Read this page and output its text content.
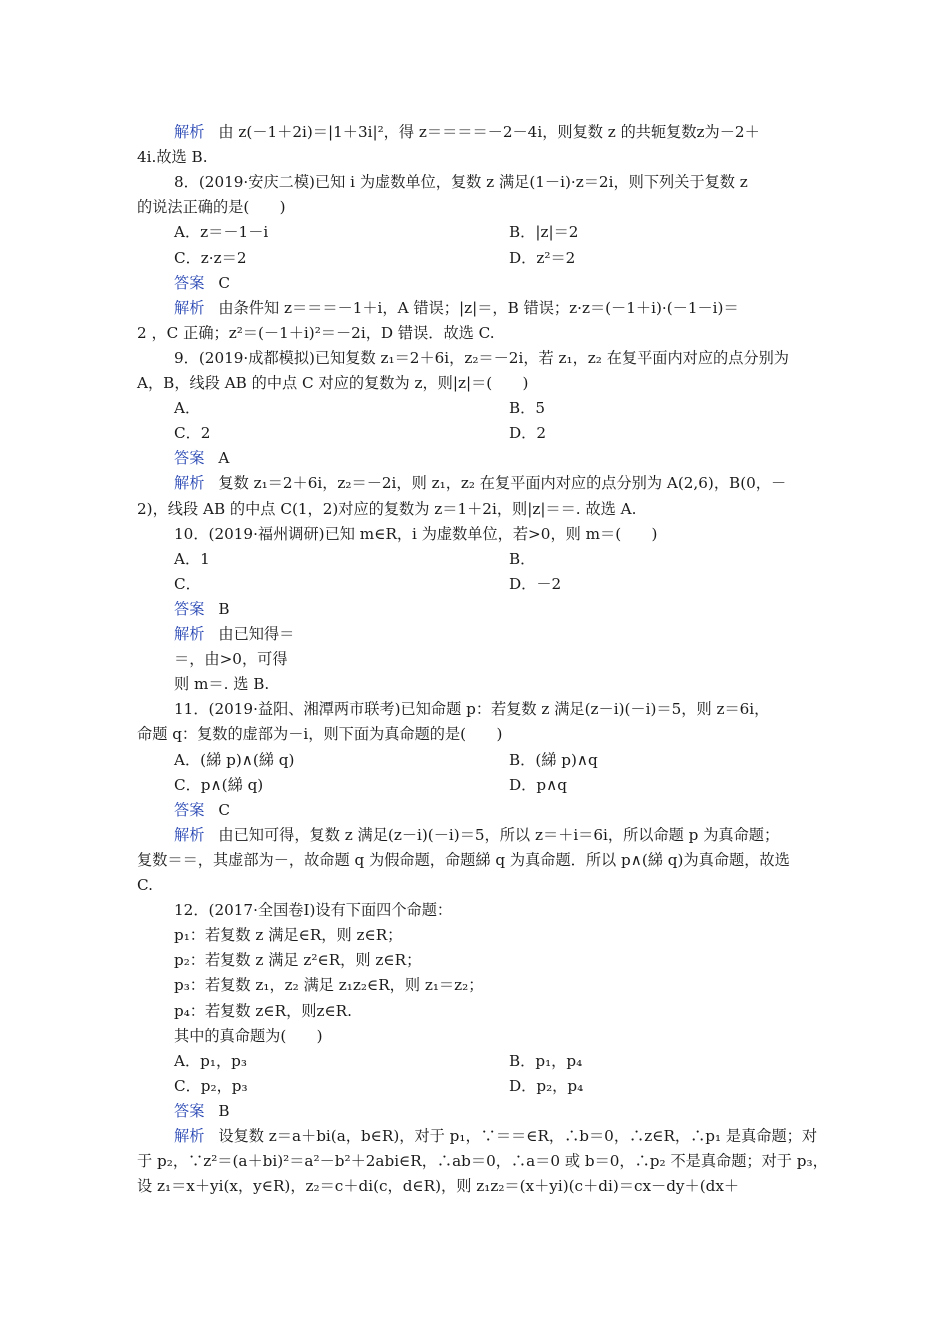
解析 由 z(－1＋2i)＝|1＋3i|²，得 z＝＝＝＝－2－4i，则复数 z 的共轭复数z为－2＋
4i.故选 B.
8．(2019·安庆二模)已知 i 为虚数单位，复数 z 满足(1－i)·z＝2i，则下列关于复数 z
的说法正确的是(　　)
A．z＝－1－i	B．|z|＝2
C．z·z＝2	D．z²＝2
答案 C
解析 由条件知 z＝＝＝－1＋i，A 错误；|z|＝，B 错误；z·z＝(－1＋i)·(－1－i)＝
2 ，C 正确；z²＝(－1＋i)²＝－2i，D 错误．故选 C.
9．(2019·成都模拟)已知复数 z₁＝2＋6i，z₂＝－2i，若 z₁，z₂ 在复平面内对应的点分别为
A，B，线段 AB 的中点 C 对应的复数为 z，则|z|＝(　　)
A．	B．5
C．2	D．2
答案 A
解析 复数 z₁＝2＋6i，z₂＝－2i，则 z₁，z₂ 在复平面内对应的点分别为 A(2,6)，B(0，－
2)，线段 AB 的中点 C(1，2)对应的复数为 z＝1＋2i，则|z|＝＝. 故选 A.
10．(2019·福州调研)已知 m∈R，i 为虚数单位，若>0，则 m＝(　　)
A．1	B．
C．	D．－2
答案 B
解析 由已知得＝
＝，由>0，可得
则 m＝. 选 B.
11．(2019·益阳、湘潭两市联考)已知命题 p：若复数 z 满足(z－i)(－i)＝5，则 z＝6i，
命题 q：复数的虚部为－i，则下面为真命题的是(　　)
A．(綈 p)∧(綈 q)	B．(綈 p)∧q
C．p∧(綈 q)	D．p∧q
答案 C
解析 由已知可得，复数 z 满足(z－i)(－i)＝5，所以 z＝＋i＝6i，所以命题 p 为真命题；
复数＝＝，其虚部为－，故命题 q 为假命题，命题綈 q 为真命题．所以 p∧(綈 q)为真命题，故选
C.
12．(2017·全国卷Ⅰ)设有下面四个命题：
p₁：若复数 z 满足∈R，则 z∈R；
p₂：若复数 z 满足 z²∈R，则 z∈R；
p₃：若复数 z₁，z₂ 满足 z₁z₂∈R，则 z₁＝z₂；
p₄：若复数 z∈R，则z∈R.
其中的真命题为(　　)
A．p₁，p₃	B．p₁，p₄
C．p₂，p₃	D．p₂，p₄
答案 B
解析 设复数 z＝a＋bi(a，b∈R)，对于 p₁，∵＝＝∈R，∴b＝0，∴z∈R，∴p₁ 是真命题；对
于 p₂，∵z²＝(a＋bi)²＝a²－b²＋2abi∈R，∴ab＝0，∴a＝0 或 b＝0，∴p₂ 不是真命题；对于 p₃，
设 z₁＝x＋yi(x，y∈R)，z₂＝c＋di(c，d∈R)，则 z₁z₂＝(x＋yi)(c＋di)＝cx－dy＋(dx＋
